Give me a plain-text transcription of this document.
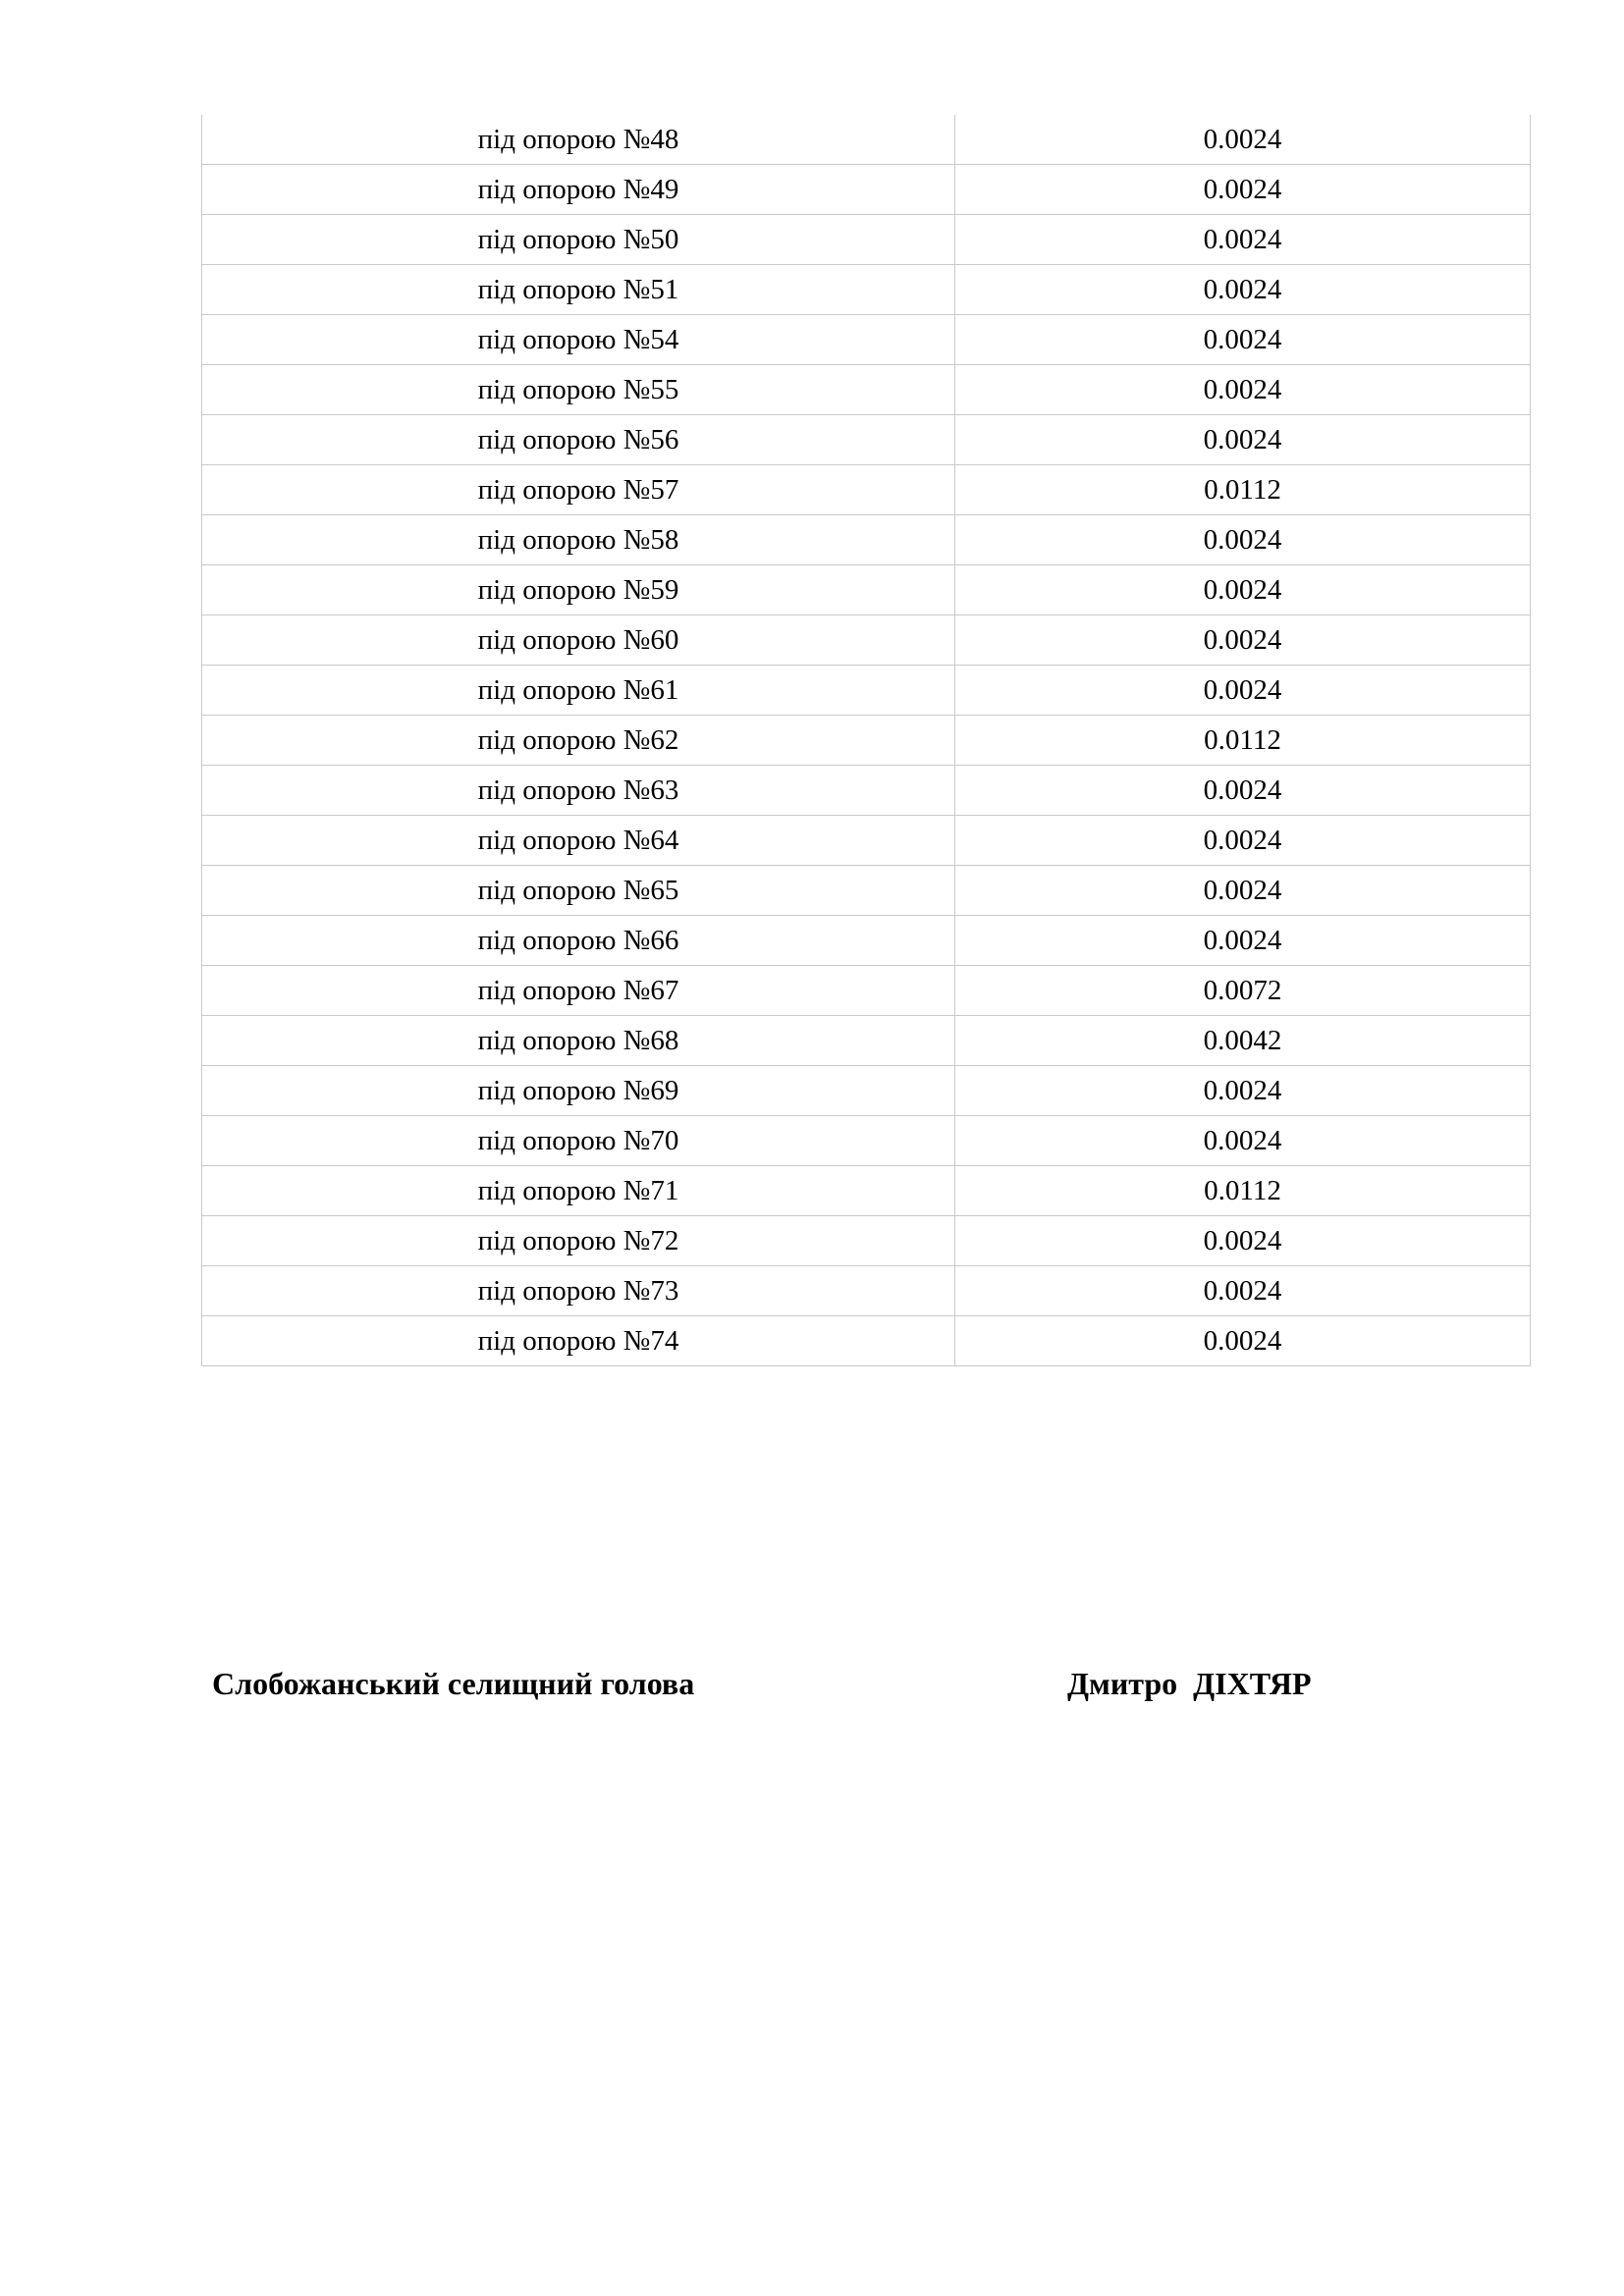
під опорою №48	0.0024
під опорою №49	0.0024
під опорою №50	0.0024
під опорою №51	0.0024
під опорою №54	0.0024
під опорою №55	0.0024
під опорою №56	0.0024
під опорою №57	0.0112
під опорою №58	0.0024
під опорою №59	0.0024
під опорою №60	0.0024
під опорою №61	0.0024
під опорою №62	0.0112
під опорою №63	0.0024
під опорою №64	0.0024
під опорою №65	0.0024
під опорою №66	0.0024
під опорою №67	0.0072
під опорою №68	0.0042
під опорою №69	0.0024
під опорою №70	0.0024
під опорою №71	0.0112
під опорою №72	0.0024
під опорою №73	0.0024
під опорою №74	0.0024
Слобожанський селищний голова	Дмитро  ДІХТЯР
